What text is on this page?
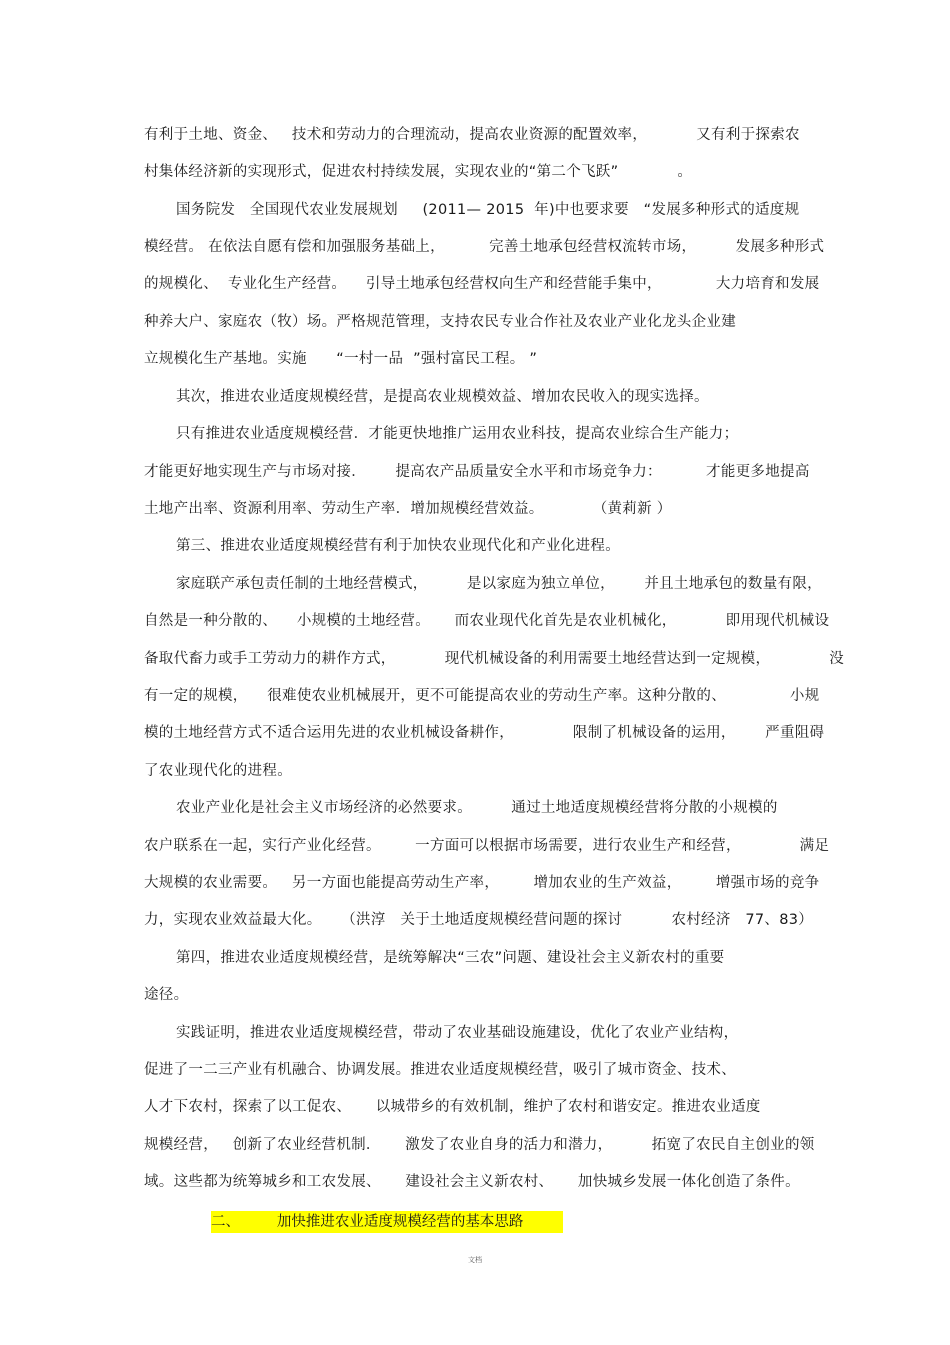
有利于土地、资金、   技术和劳动力的合理流动，提高农业资源的配置效率，          又有利于探索农
村集体经济新的实现形式，促进农村持续发展，实现农业的“第二个飞跃”            。
国务院发   全国现代农业发展规划     (2011— 2015  年)中也要求要   “发展多种形式的适度规
模经营。 在依法自愿有偿和加强服务基础上，         完善土地承包经营权流转市场，        发展多种形式
的规模化、  专业化生产经营。    引导土地承包经营权向生产和经营能手集中，           大力培育和发展
种养大户、家庭农（牧）场。严格规范管理，支持农民专业合作社及农业产业化龙头企业建
立规模化生产基地。实施      “一村一品  ”强村富民工程。 ”
其次，推进农业适度规模经营，是提高农业规模效益、增加农民收入的现实选择。
只有推进农业适度规模经营．才能更快地推广运用农业科技，提高农业综合生产能力；
才能更好地实现生产与市场对接．      提高农产品质量安全水平和市场竞争力：         才能更多地提高
土地产出率、资源利用率、劳动生产率．增加规模经营效益。          （黄莉新 ）
第三、推进农业适度规模经营有利于加快农业现代化和产业化进程。
家庭联产承包责任制的土地经营模式，        是以家庭为独立单位，      并且土地承包的数量有限，
自然是一种分散的、    小规模的土地经营。     而农业现代化首先是农业机械化，          即用现代机械设
备取代畜力或手工劳动力的耕作方式，          现代机械设备的利用需要土地经营达到一定规模，            没
有一定的规模，    很难使农业机械展开，更不可能提高农业的劳动生产率。这种分散的、             小规
模的土地经营方式不适合运用先进的农业机械设备耕作，            限制了机械设备的运用，      严重阻碍
了农业现代化的进程。
农业产业化是社会主义市场经济的必然要求。        通过土地适度规模经营将分散的小规模的
农户联系在一起，实行产业化经营。       一方面可以根据市场需要，进行农业生产和经营，            满足
大规模的农业需要。   另一方面也能提高劳动生产率，       增加农业的生产效益，       增强市场的竞争
力，实现农业效益最大化。    （洪淳   关于土地适度规模经营问题的探讨          农村经济   77、83）
第四，推进农业适度规模经营，是统筹解决“三农”问题、建设社会主义新农村的重要
途径。
实践证明，推进农业适度规模经营，带动了农业基础设施建设，优化了农业产业结构，
促进了一二三产业有机融合、协调发展。推进农业适度规模经营，吸引了城市资金、技术、
人才下农村，探索了以工促农、     以城带乡的有效机制，维护了农村和谐安定。推进农业适度
规模经营，   创新了农业经营机制．     激发了农业自身的活力和潜力，        拓宽了农民自主创业的领
域。这些都为统筹城乡和工农发展、     建设社会主义新农村、     加快城乡发展一体化创造了条件。
二、        加快推进农业适度规模经营的基本思路
文档
